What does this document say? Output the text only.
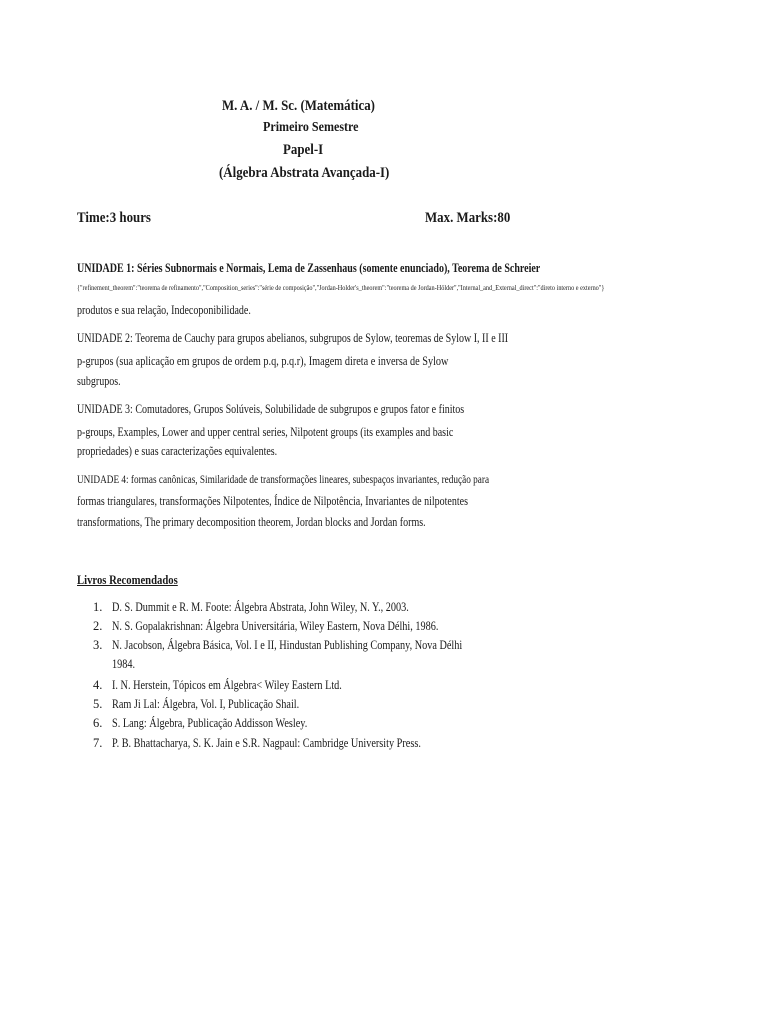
M. A. / M. Sc. (Matemática)
Primeiro Semestre
Papel-I
(Álgebra Abstrata Avançada-I)
Time:3 hours	Max. Marks:80
UNIDADE 1: Séries Subnormais e Normais, Lema de Zassenhaus (somente enunciado), Teorema de Schreier
{"refinement_theorem":"teorema de refinamento","Composition_series":"série de composição","Jordan-Holder's_theorem":"teorema de Jordan-Hölder","Internal_and_External_direct":"direto interno e externo"}
produtos e sua relação, Indecoponibilidade.
UNIDADE 2: Teorema de Cauchy para grupos abelianos, subgrupos de Sylow, teoremas de Sylow I, II e III
p-grupos (sua aplicação em grupos de ordem p.q, p.q.r), Imagem direta e inversa de Sylow
subgrupos.
UNIDADE 3: Comutadores, Grupos Solúveis, Solubilidade de subgrupos e grupos fator e finitos
p-groups, Examples, Lower and upper central series, Nilpotent groups (its examples and basic
propriedades) e suas caracterizações equivalentes.
UNIDADE 4: formas canônicas, Similaridade de transformações lineares, subespaços invariantes, redução para
formas triangulares, transformações Nilpotentes, Índice de Nilpotência, Invariantes de nilpotentes
transformations, The primary decomposition theorem, Jordan blocks and Jordan forms.
Livros Recomendados
1. D. S. Dummit e R. M. Foote: Álgebra Abstrata, John Wiley, N. Y., 2003.
2. N. S. Gopalakrishnan: Álgebra Universitária, Wiley Eastern, Nova Délhi, 1986.
3. N. Jacobson, Álgebra Básica, Vol. I e II, Hindustan Publishing Company, Nova Délhi
1984.
4. I. N. Herstein, Tópicos em Álgebra< Wiley Eastern Ltd.
5. Ram Ji Lal: Álgebra, Vol. I, Publicação Shail.
6. S. Lang: Álgebra, Publicação Addisson Wesley.
7. P. B. Bhattacharya, S. K. Jain e S.R. Nagpaul: Cambridge University Press.
